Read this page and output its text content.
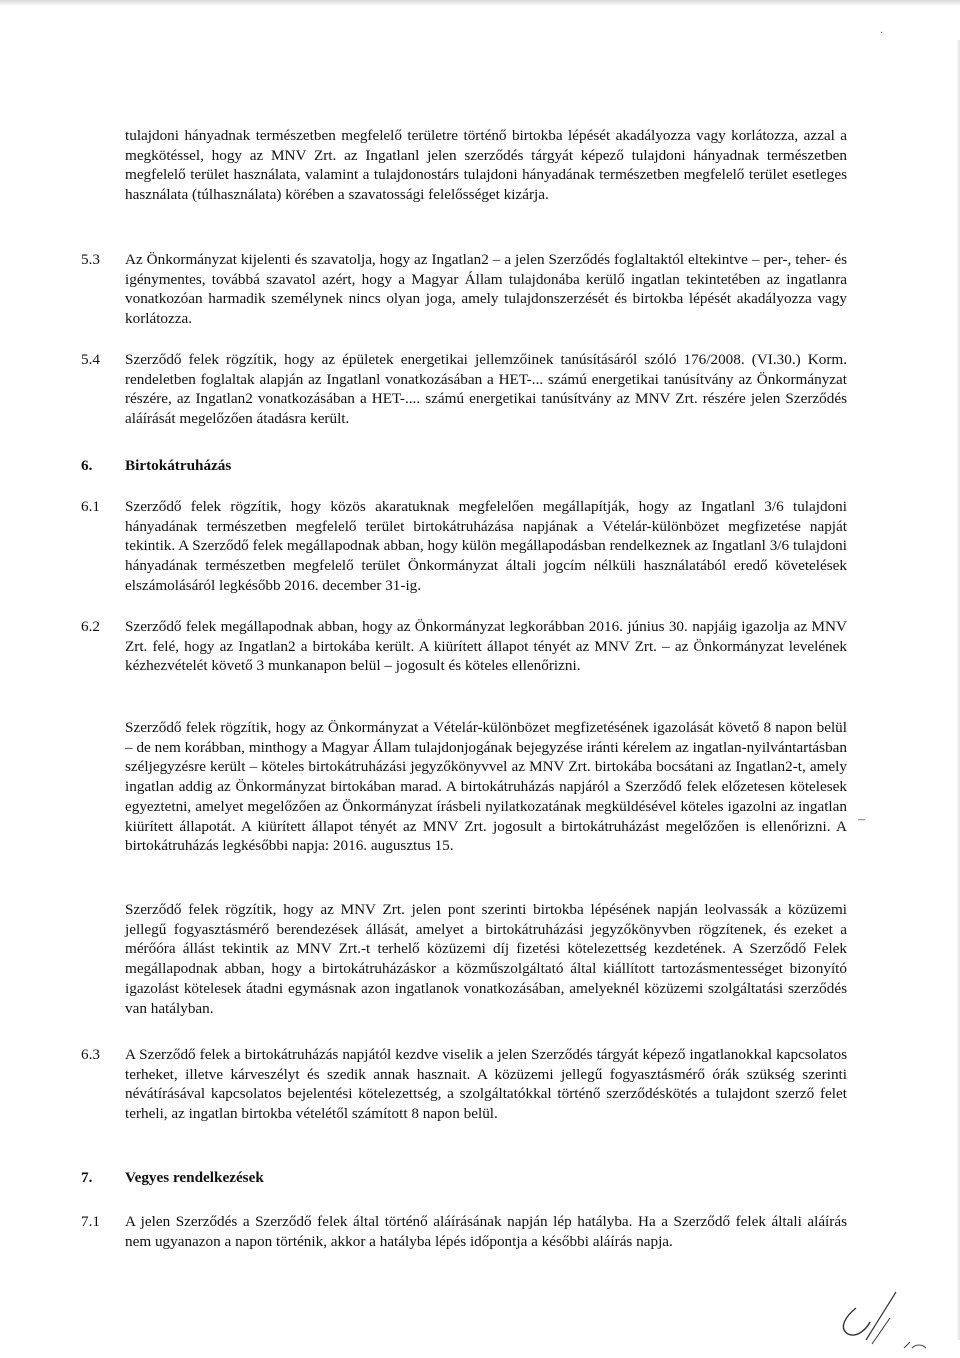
tulajdoni hányadnak természetben megfelelő területre történő birtokba lépését akadályozza vagy korlátozza, azzal a megkötéssel, hogy az MNV Zrt. az Ingatlanl jelen szerződés tárgyát képező tulajdoni hányadnak természetben megfelelő terület használata, valamint a tulajdonostárs tulajdoni hányadának természetben megfelelő terület esetleges használata (túlhasználata) körében a szavatossági felelősséget kizárja.
5.3 Az Önkormányzat kijelenti és szavatolja, hogy az Ingatlan2 – a jelen Szerződés foglaltaktól eltekintve – per-, teher- és igénymentes, továbbá szavatol azért, hogy a Magyar Állam tulajdonába kerülő ingatlan tekintetében az ingatlanra vonatkozóan harmadik személynek nincs olyan joga, amely tulajdonszerzését és birtokba lépését akadályozza vagy korlátozza.
5.4 Szerződő felek rögzítik, hogy az épületek energetikai jellemzőinek tanúsításáról szóló 176/2008. (VI.30.) Korm. rendeletben foglaltak alapján az Ingatlanl vonatkozásában a HET-... számú energetikai tanúsítvány az Önkormányzat részére, az Ingatlan2 vonatkozásában a HET-.... számú energetikai tanúsítvány az MNV Zrt. részére jelen Szerződés aláírását megelőzően átadásra került.
6. Birtokátruházás
6.1 Szerződő felek rögzítik, hogy közös akaratuknak megfelelően megállapítják, hogy az Ingatlanl 3/6 tulajdoni hányadának természetben megfelelő terület birtokátruházása napjának a Vételár-különbözet megfizetése napját tekintik. A Szerződő felek megállapodnak abban, hogy külön megállapodásban rendelkeznek az Ingatlanl 3/6 tulajdoni hányadának természetben megfelelő terület Önkormányzat általi jogcím nélküli használatából eredő követelések elszámolásáról legkésőbb 2016. december 31-ig.
6.2 Szerződő felek megállapodnak abban, hogy az Önkormányzat legkorábban 2016. június 30. napjáig igazolja az MNV Zrt. felé, hogy az Ingatlan2 a birtokába került. A kiürített állapot tényét az MNV Zrt. – az Önkormányzat levelének kézhezvételét követő 3 munkanapon belül – jogosult és köteles ellenőrizni.
Szerződő felek rögzítik, hogy az Önkormányzat a Vételár-különbözet megfizetésének igazolását követő 8 napon belül – de nem korábban, minthogy a Magyar Állam tulajdonjogának bejegyzése iránti kérelem az ingatlan-nyilvántartásban széljegyzésre került – köteles birtokátruházási jegyzőkönyvvel az MNV Zrt. birtokába bocsátani az Ingatlan2-t, amely ingatlan addig az Önkormányzat birtokában marad. A birtokátruházás napjáról a Szerződő felek előzetesen kötelesek egyeztetni, amelyet megelőzően az Önkormányzat írásbeli nyilatkozatának megküldésével köteles igazolni az ingatlan kiürített állapotát. A kiürített állapot tényét az MNV Zrt. jogosult a birtokátruházást megelőzően is ellenőrizni. A birtokátruházás legkésőbbi napja: 2016. augusztus 15.
Szerződő felek rögzítik, hogy az MNV Zrt. jelen pont szerinti birtokba lépésének napján leolvassák a közüzemi jellegű fogyasztásmérő berendezések állását, amelyet a birtokátruházási jegyzőkönyvben rögzítenek, és ezeket a mérőóra állást tekintik az MNV Zrt.-t terhelő közüzemi díj fizetési kötelezettség kezdetének. A Szerződő Felek megállapodnak abban, hogy a birtokátruházáskor a közműszolgáltató által kiállított tartozásmentességet bizonyító igazolást kötelesek átadni egymásnak azon ingatlanok vonatkozásában, amelyeknél közüzemi szolgáltatási szerződés van hatályban.
6.3 A Szerződő felek a birtokátruházás napjától kezdve viselik a jelen Szerződés tárgyát képező ingatlanokkal kapcsolatos terheket, illetve kárveszélyt és szedik annak hasznait. A közüzemi jellegű fogyasztásmérő órák szükség szerinti névátírásával kapcsolatos bejelentési kötelezettség, a szolgáltatókkal történő szerződéskötés a tulajdont szerző felet terheli, az ingatlan birtokba vételétől számított 8 napon belül.
7. Vegyes rendelkezések
7.1 A jelen Szerződés a Szerződő felek által történő aláírásának napján lép hatályba. Ha a Szerződő felek általi aláírás nem ugyanazon a napon történik, akkor a hatályba lépés időpontja a későbbi aláírás napja.
–
·
